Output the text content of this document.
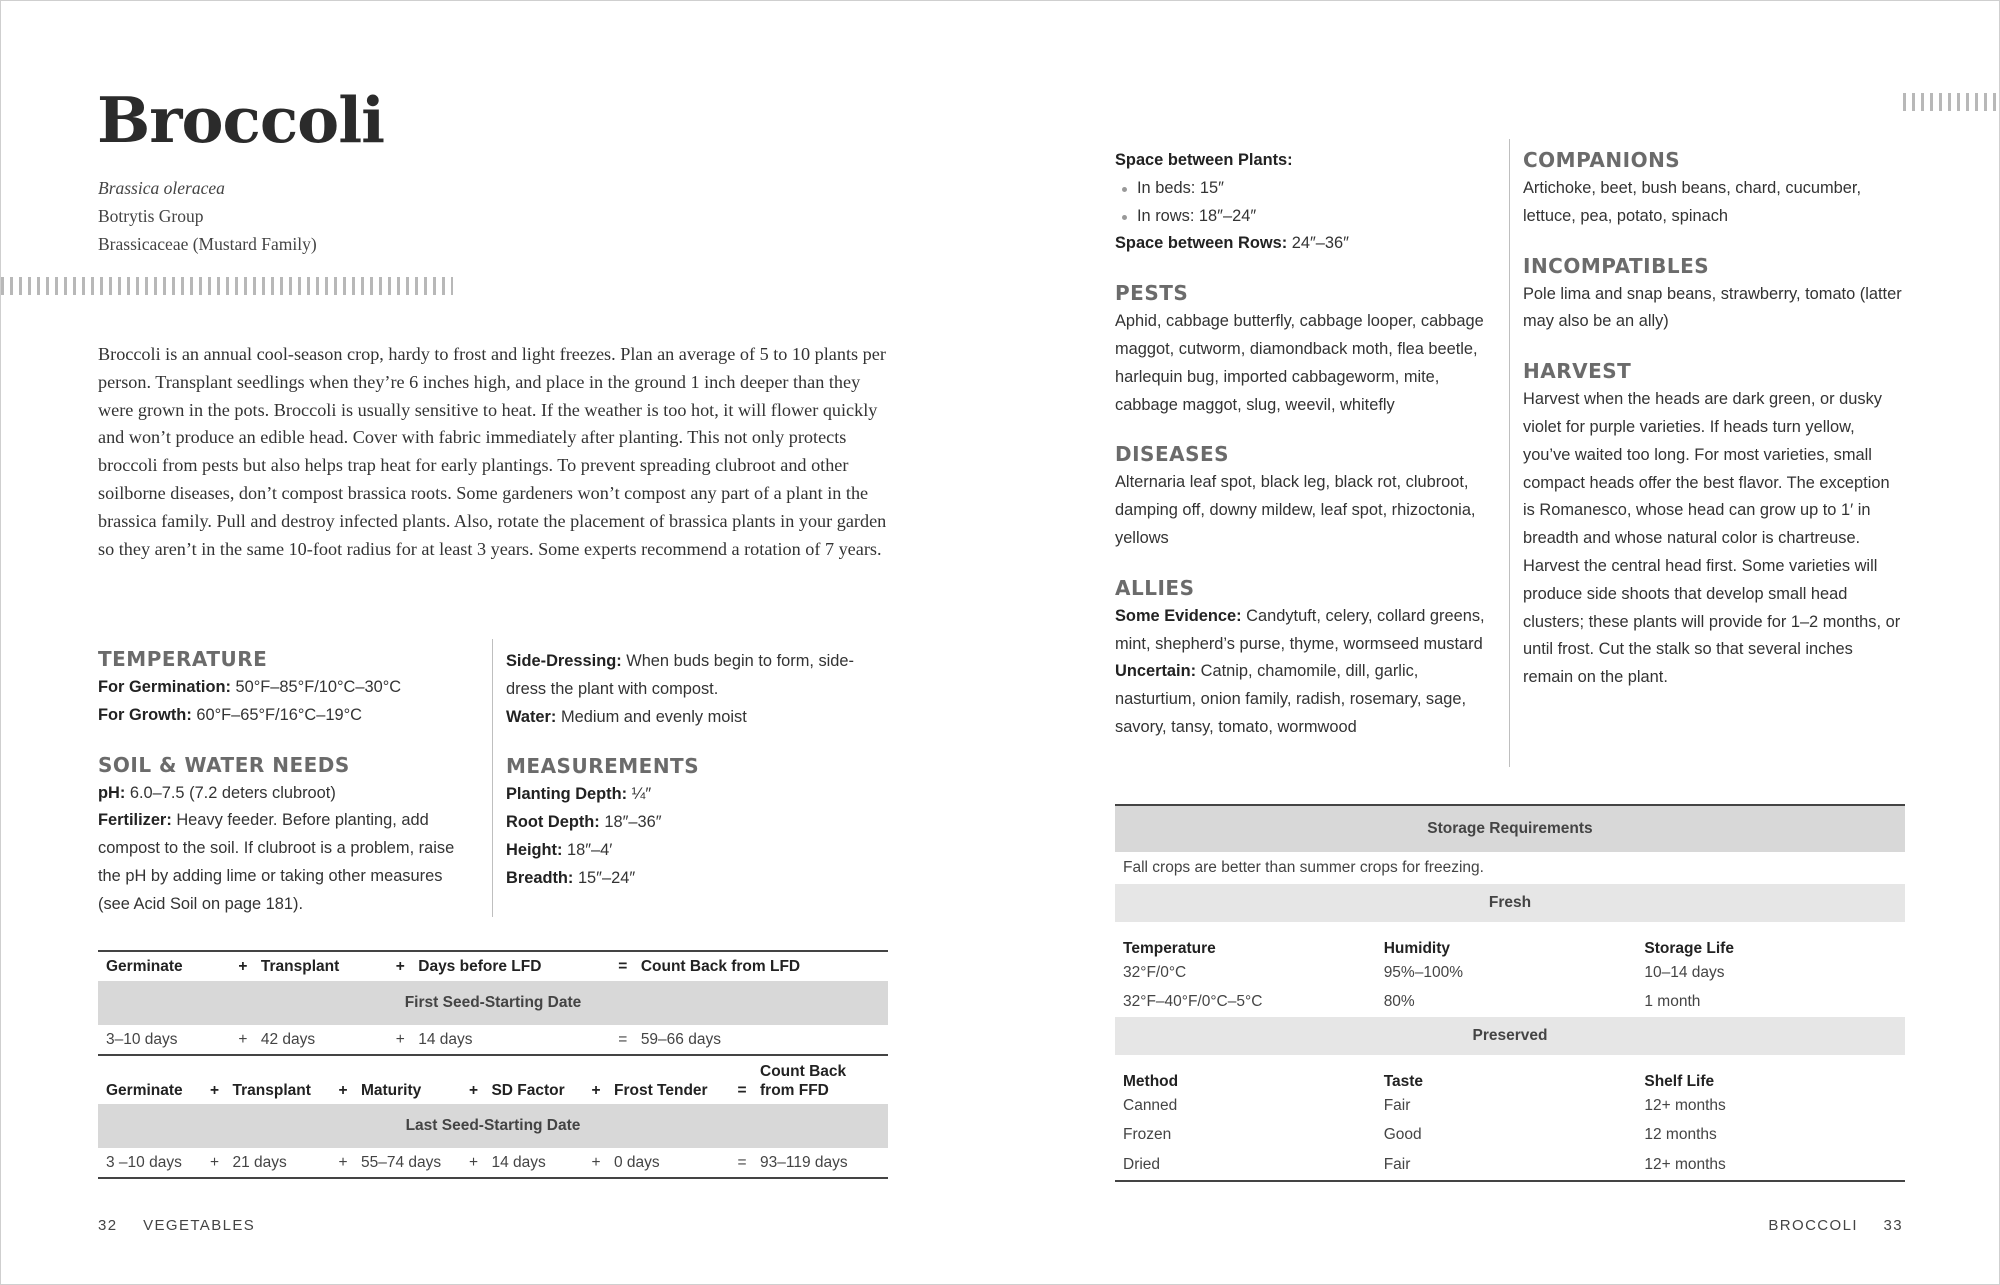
Broccoli
Brassica oleracea
Botrytis Group
Brassicaceae (Mustard Family)

Broccoli is an annual cool-season crop, hardy to frost and light freezes. Plan an average of 5 to 10 plants per person. Transplant seedlings when they’re 6 inches high, and place in the ground 1 inch deeper than they were grown in the pots. Broccoli is usually sensitive to heat. If the weather is too hot, it will flower quickly and won’t produce an edible head. Cover with fabric immediately after planting. This not only protects broccoli from pests but also helps trap heat for early plantings. To prevent spreading clubroot and other soilborne diseases, don’t compost brassica roots. Some gardeners won’t compost any part of a plant in the brassica family. Pull and destroy infected plants. Also, rotate the placement of brassica plants in your garden so they aren’t in the same 10-foot radius for at least 3 years. Some experts recommend a rotation of 7 years.

TEMPERATURE

For Germination: 50°F–85°F/10°C–30°C

For Growth: 60°F–65°F/16°C–19°C

SOIL & WATER NEEDS

pH: 6.0–7.5 (7.2 deters clubroot)

Fertilizer: Heavy feeder. Before planting, add compost to the soil. If clubroot is a problem, raise the pH by adding lime or taking other measures (see Acid Soil on page 181).

Side-Dressing: When buds begin to form, side-dress the plant with compost.

Water: Medium and evenly moist

MEASUREMENTS

Planting Depth: ¼″

Root Depth: 18″–36″

Height: 18″–4′

Breadth: 15″–24″

First Seed-Starting Date						
Germinate	+	Transplant	+	Days before LFD	=	Count Back from LFD
3–10 days	+	42 days	+	14 days	=	59–66 days
Last Seed-Starting Date										
Germinate	+	Transplant	+	Maturity	+	SD Factor	+	Frost Tender	=	Count Back from FFD
3 –10 days	+	21 days	+	55–74 days	+	14 days	+	0 days	=	93–119 days
32 VEGETABLES

Space between Plants:

In beds: 15″
In rows: 18″–24″

Space between Rows: 24″–36″

PESTS

Aphid, cabbage butterfly, cabbage looper, cabbage maggot, cutworm, diamondback moth, flea beetle, harlequin bug, imported cabbageworm, mite, cabbage maggot, slug, weevil, whitefly

DISEASES

Alternaria leaf spot, black leg, black rot, clubroot, damping off, downy mildew, leaf spot, rhizoctonia, yellows

ALLIES

Some Evidence: Candytuft, celery, collard greens, mint, shepherd’s purse, thyme, wormseed mustard

Uncertain: Catnip, chamomile, dill, garlic, nasturtium, onion family, radish, rosemary, sage, savory, tansy, tomato, wormwood

COMPANIONS

Artichoke, beet, bush beans, chard, cucumber, lettuce, pea, potato, spinach

INCOMPATIBLES

Pole lima and snap beans, strawberry, tomato (latter may also be an ally)

HARVEST

Harvest when the heads are dark green, or dusky violet for purple varieties. If heads turn yellow, you’ve waited too long. For most varieties, small compact heads offer the best flavor. The exception is Romanesco, whose head can grow up to 1′ in breadth and whose natural color is chartreuse. Harvest the central head first. Some varieties will produce side shoots that develop small head clusters; these plants will provide for 1–2 months, or until frost. Cut the stalk so that several inches remain on the plant.

Storage Requirements		
Fall crops are better than summer crops for freezing.		
Fresh		
Temperature	Humidity	Storage Life
32°F/0°C	95%–100%	10–14 days
32°F–40°F/0°C–5°C	80%	1 month
Preserved		
Method	Taste	Shelf Life
Canned	Fair	12+ months
Frozen	Good	12 months
Dried	Fair	12+ months
BROCCOLI 33
